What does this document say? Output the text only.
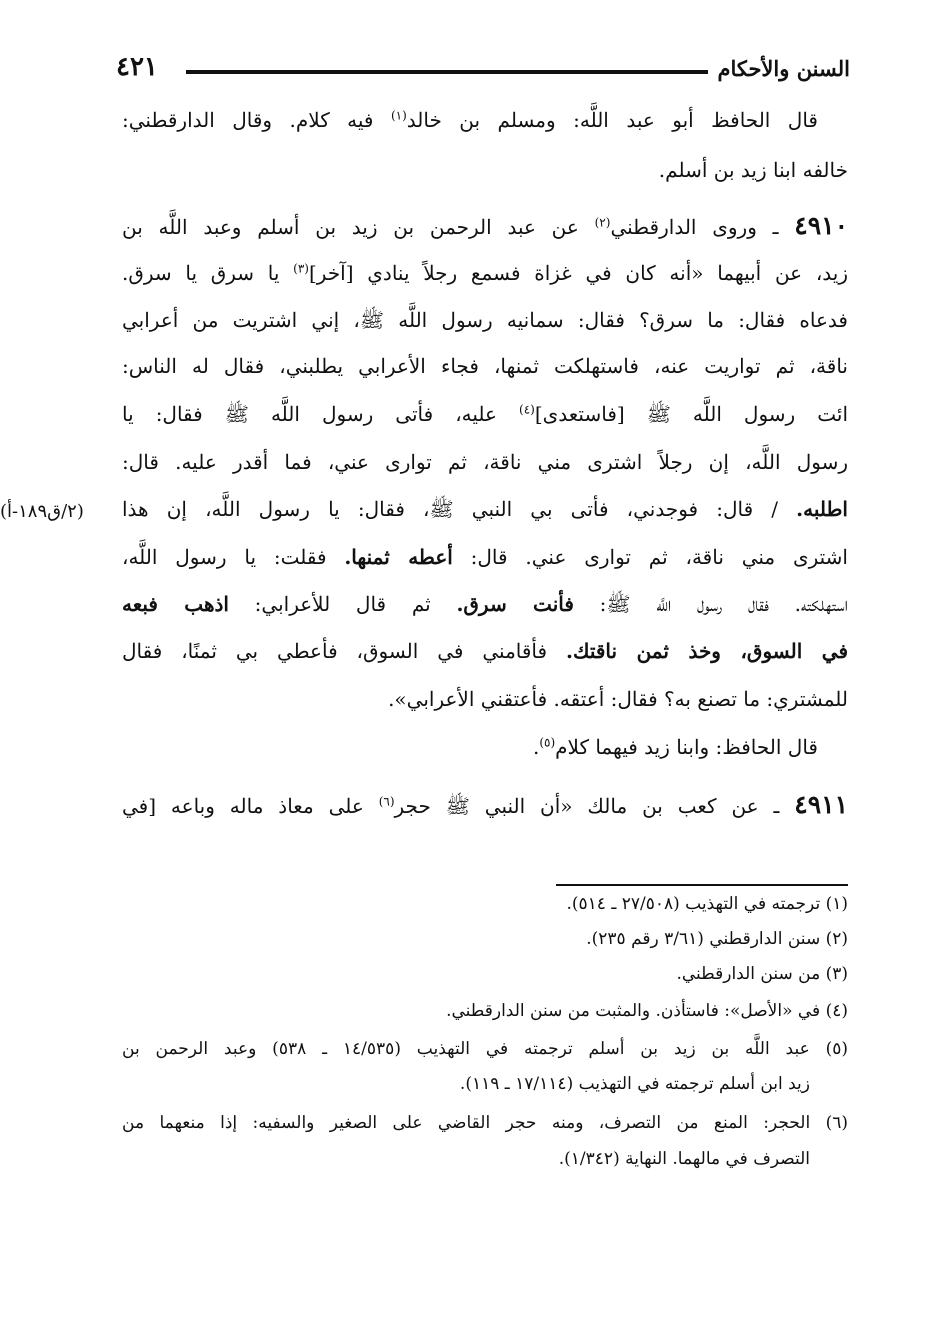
السنن والأحكام
٤٢١
قال الحافظ أبو عبد اللَّه: ومسلم بن خالد$^{(١)}$ فيه كلام. وقال الدارقطني:
خالفه ابنا زيد بن أسلم.
٤٩١٠ ـ وروى الدارقطني$^{(٢)}$ عن عبد الرحمن بن زيد بن أسلم وعبد اللَّه بن
زيد، عن أبيهما «أنه كان في غزاة فسمع رجلاً ينادي [آخر]$^{(٣)}$ يا سرق يا سرق.
فدعاه فقال: ما سرق؟ فقال: سمانيه رسول اللَّه ﷺ، إني اشتريت من أعرابي
ناقة، ثم تواريت عنه، فاستهلكت ثمنها، فجاء الأعرابي يطلبني، فقال له الناس:
ائت رسول اللَّه ﷺ [فاستعدى]$^{(٤)}$ عليه، فأتى رسول اللَّه ﷺ فقال: يا
رسول اللَّه، إن رجلاً اشترى مني ناقة، ثم توارى عني، فما أقدر عليه. قال:
اطلبه. / قال: فوجدني، فأتى بي النبي ﷺ، فقال: يا رسول اللَّه، إن هذا
(٢/ق١٨٩-أ)
اشترى مني ناقة، ثم توارى عني. قال: أعطه ثمنها. فقلت: يا رسول اللَّه،
استهلكته. فقال رسول اللَّه ﷺ: فأنت سرق. ثم قال للأعرابي: اذهب فبعه
في السوق، وخذ ثمن ناقتك. فأقامني في السوق، فأعطي بي ثمنًا، فقال
للمشتري: ما تصنع به؟ فقال: أعتقه. فأعتقني الأعرابي».
قال الحافظ: وابنا زيد فيهما كلام$^{(٥)}$.
٤٩١١ ـ عن كعب بن مالك «أن النبي ﷺ حجر$^{(٦)}$ على معاذ ماله وباعه [في
(١) ترجمته في التهذيب (٢٧/٥٠٨ ـ ٥١٤).
(٢) سنن الدارقطني (٣/٦١ رقم ٢٣٥).
(٣) من سنن الدارقطني.
(٤) في «الأصل»: فاستأذن. والمثبت من سنن الدارقطني.
(٥) عبد اللَّه بن زيد بن أسلم ترجمته في التهذيب (١٤/٥٣٥ ـ ٥٣٨) وعبد الرحمن بن
زيد ابن أسلم ترجمته في التهذيب (١٧/١١٤ ـ ١١٩).
(٦) الحجر: المنع من التصرف، ومنه حجر القاضي على الصغير والسفيه: إذا منعهما من
التصرف في مالهما. النهاية (١/٣٤٢).
